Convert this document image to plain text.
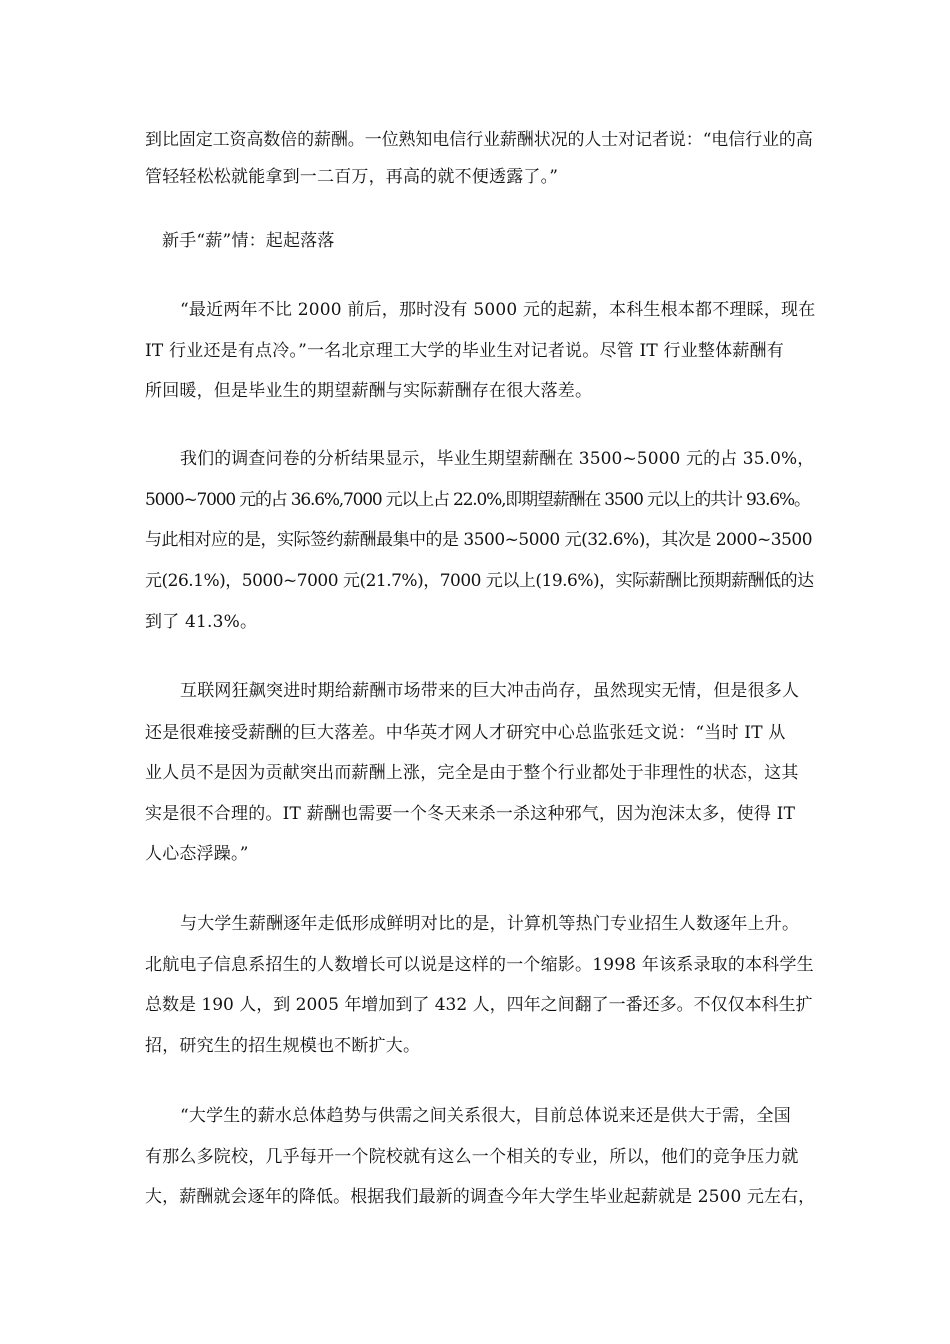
到比固定工资高数倍的薪酬。一位熟知电信行业薪酬状况的人士对记者说：“电信行业的高
管轻轻松松就能拿到一二百万，再高的就不便透露了。”
新手“薪”情：起起落落
“最近两年不比 2000 前后，那时没有 5000 元的起薪，本科生根本都不理睬，现在
IT 行业还是有点冷。”一名北京理工大学的毕业生对记者说。尽管 IT 行业整体薪酬有
所回暖，但是毕业生的期望薪酬与实际薪酬存在很大落差。
我们的调查问卷的分析结果显示，毕业生期望薪酬在 3500~5000 元的占 35.0%，
5000~7000 元的占 36.6%,7000 元以上占 22.0%,即期望薪酬在 3500 元以上的共计 93.6%。
与此相对应的是，实际签约薪酬最集中的是 3500~5000 元(32.6%)，其次是 2000~3500
元(26.1%)，5000~7000 元(21.7%)，7000 元以上(19.6%)，实际薪酬比预期薪酬低的达
到了 41.3%。
互联网狂飙突进时期给薪酬市场带来的巨大冲击尚存，虽然现实无情，但是很多人
还是很难接受薪酬的巨大落差。中华英才网人才研究中心总监张廷文说：“当时 IT 从
业人员不是因为贡献突出而薪酬上涨，完全是由于整个行业都处于非理性的状态，这其
实是很不合理的。IT 薪酬也需要一个冬天来杀一杀这种邪气，因为泡沫太多，使得 IT
人心态浮躁。”
与大学生薪酬逐年走低形成鲜明对比的是，计算机等热门专业招生人数逐年上升。
北航电子信息系招生的人数增长可以说是这样的一个缩影。1998 年该系录取的本科学生
总数是 190 人，到 2005 年增加到了 432 人，四年之间翻了一番还多。不仅仅本科生扩
招，研究生的招生规模也不断扩大。
“大学生的薪水总体趋势与供需之间关系很大，目前总体说来还是供大于需，全国
有那么多院校，几乎每开一个院校就有这么一个相关的专业，所以，他们的竞争压力就
大，薪酬就会逐年的降低。根据我们最新的调查今年大学生毕业起薪就是 2500 元左右，
